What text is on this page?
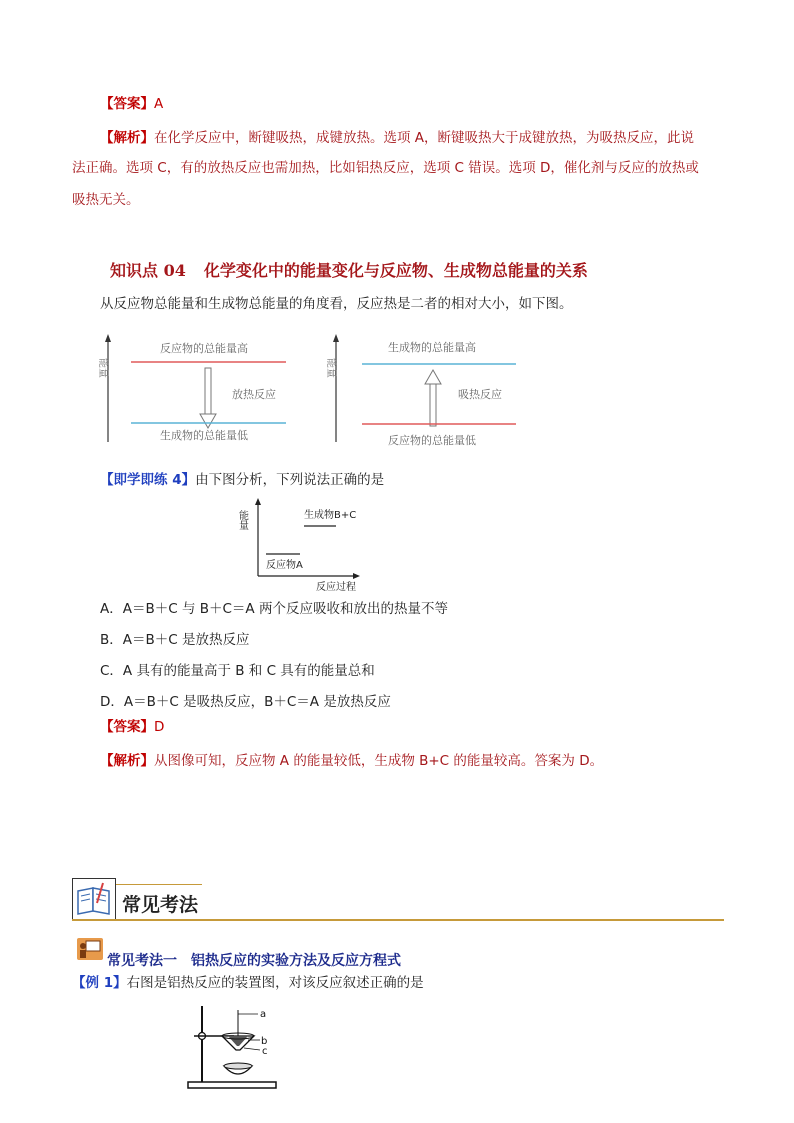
【答案】A
【解析】在化学反应中，断键吸热，成键放热。选项 A，断键吸热大于成键放热，为吸热反应，此说
法正确。选项 C，有的放热反应也需加热，比如铝热反应，选项 C 错误。选项 D，催化剂与反应的放热或
吸热无关。
知识点 04 化学变化中的能量变化与反应物、生成物总能量的关系
从反应物总能量和生成物总能量的角度看，反应热是二者的相对大小，如下图。
能量
反应物的总能量高
放热反应
生成物的总能量低
能量
生成物的总能量高
吸热反应
反应物的总能量低
【即学即练 4】由下图分析，下列说法正确的是
能量	生成物B+C
反应物A
反应过程
A．A＝B＋C 与 B＋C＝A 两个反应吸收和放出的热量不等
B．A＝B＋C 是放热反应
C．A 具有的能量高于 B 和 C 具有的能量总和
D．A＝B＋C 是吸热反应，B＋C＝A 是放热反应
【答案】D
【解析】从图像可知，反应物 A 的能量较低，生成物 B+C 的能量较高。答案为 D。
常见考法
常见考法一　铝热反应的实验方法及反应方程式
【例 1】右图是铝热反应的装置图，对该反应叙述正确的是
a
b
c
